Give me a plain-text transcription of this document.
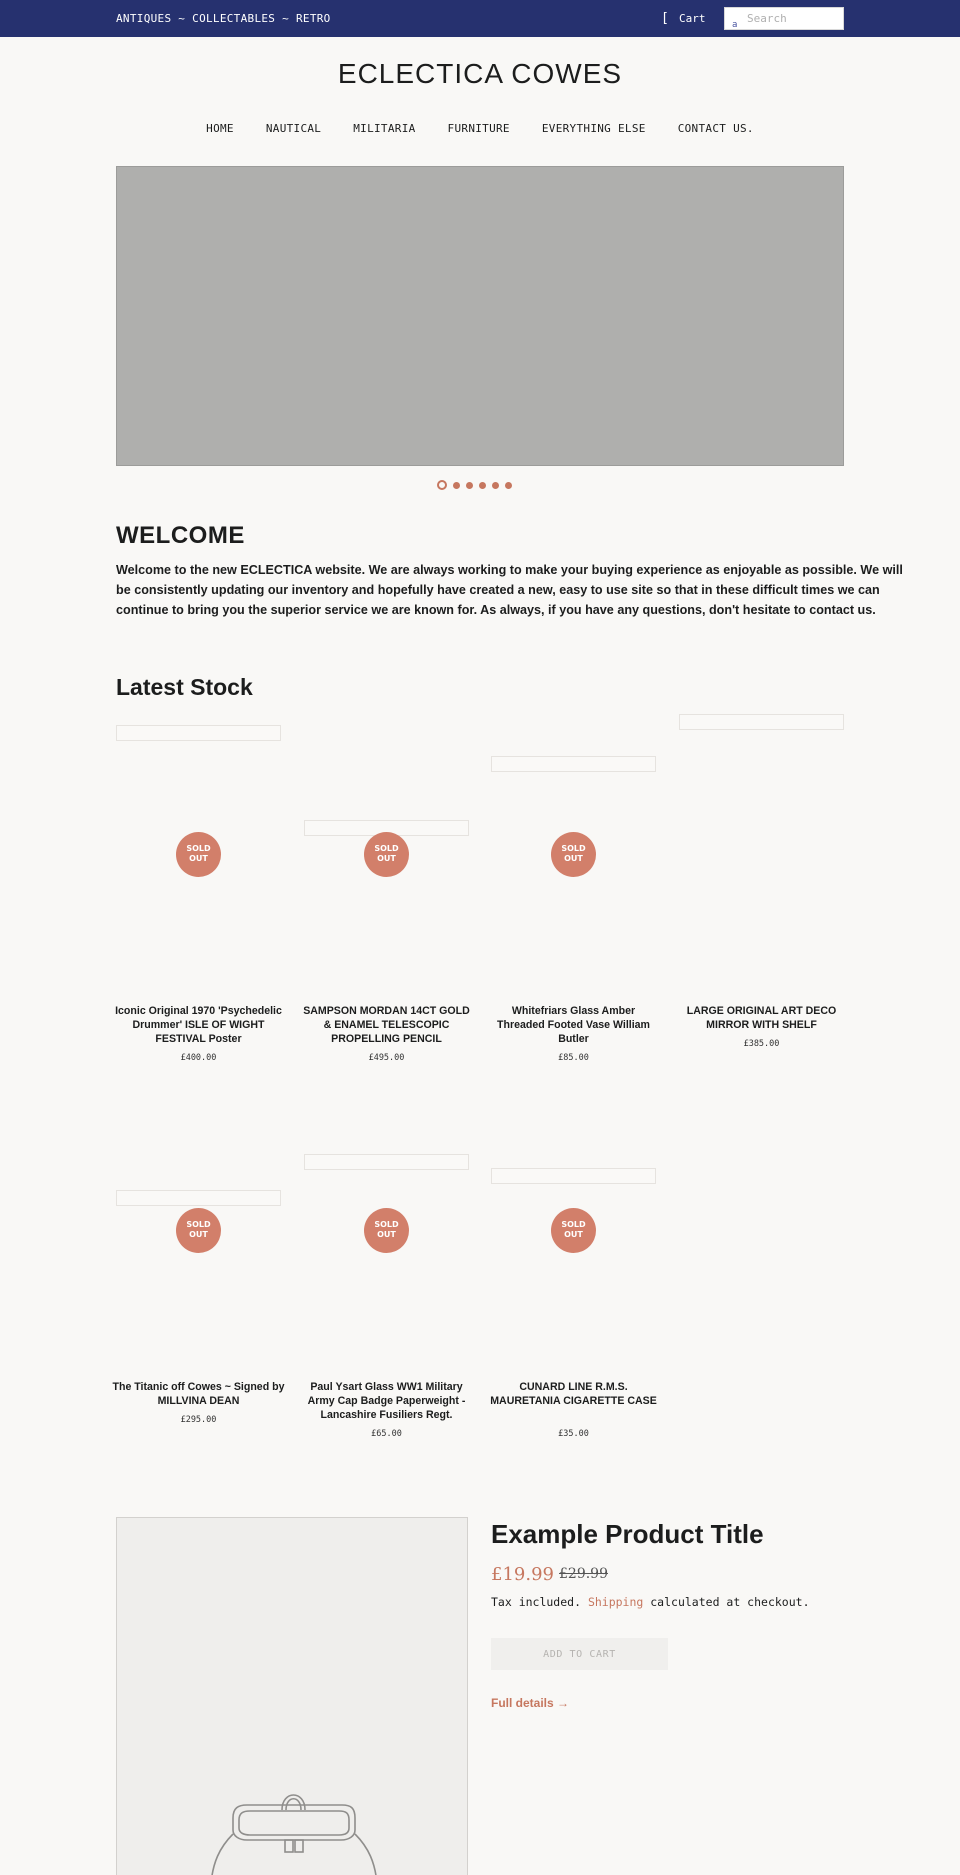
ANTIQUES ~ COLLECTABLES ~ RETRO	[ Cart	a
Search
ECLECTICA COWES
HOME	NAUTICAL	MILITARIA	FURNITURE	EVERYTHING ELSE	CONTACT US.
WELCOME

Welcome to the new ECLECTICA website. We are always working to make your buying experience as enjoyable as possible. We will be consistently updating our inventory and hopefully have created a new, easy to use site so that in these difficult times we can continue to bring you the superior service we are known for. As always, if you have any questions, don't hesitate to contact us.

Latest Stock
SOLD
OUT
Iconic Original 1970 'Psychedelic Drummer' ISLE OF WIGHT FESTIVAL Poster
£400.00
SOLD
OUT
SAMPSON MORDAN 14CT GOLD & ENAMEL TELESCOPIC PROPELLING PENCIL
£495.00
SOLD
OUT
Whitefriars Glass Amber Threaded Footed Vase William Butler
£85.00
LARGE ORIGINAL ART DECO MIRROR WITH SHELF
£385.00
SOLD
OUT
The Titanic off Cowes ~ Signed by MILLVINA DEAN
£295.00
SOLD
OUT
Paul Ysart Glass WW1 Military Army Cap Badge Paperweight - Lancashire Fusiliers Regt.
£65.00
SOLD
OUT
CUNARD LINE R.M.S. MAURETANIA CIGARETTE CASE
£35.00
Example Product Title
£19.99 £29.99

Tax included. Shipping calculated at checkout.

ADD TO CART
Full details →
